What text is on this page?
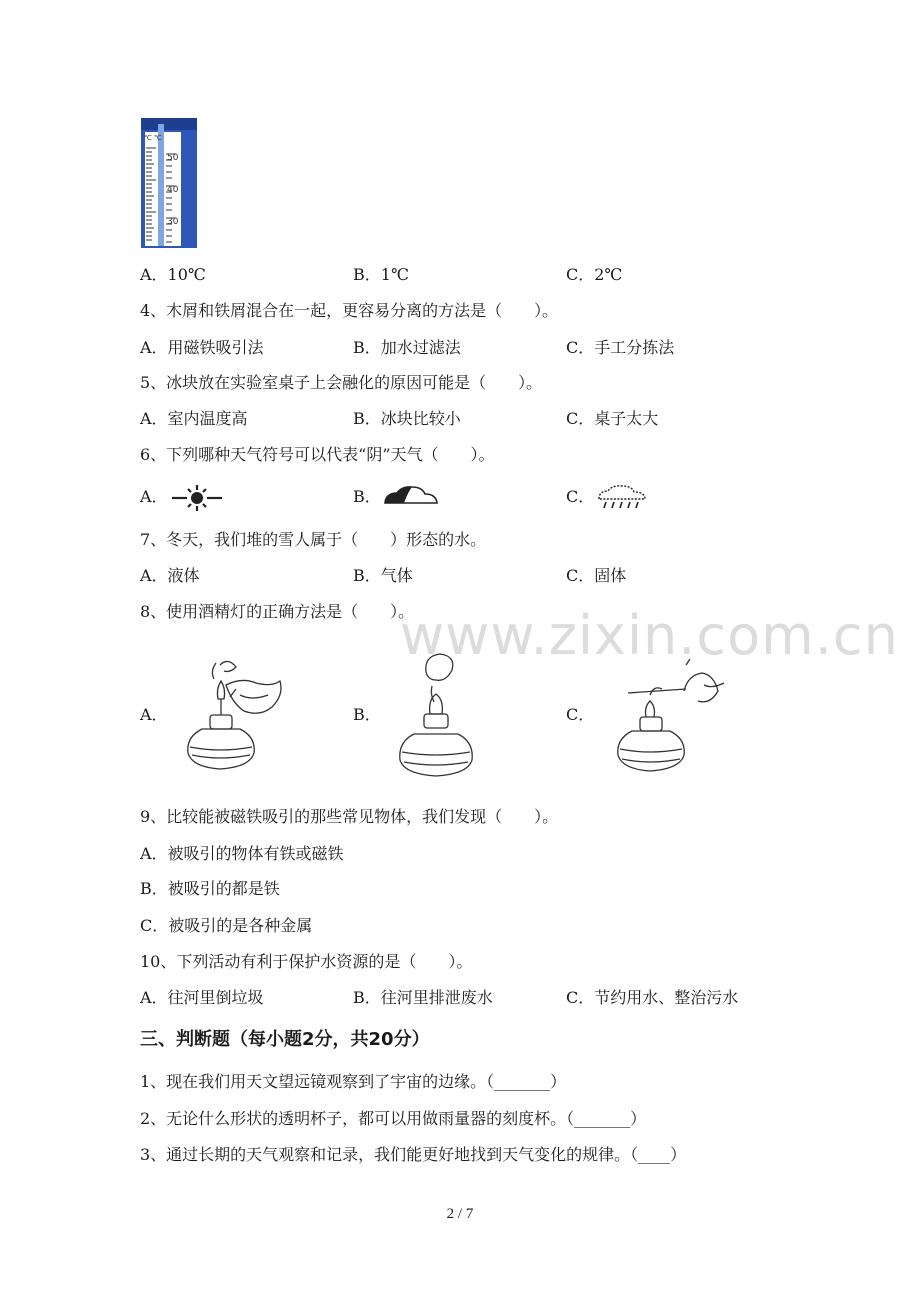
www.zixin.com.cn
℃ ℃
50
40
30
A．10℃	B．1℃	C．2℃
4、木屑和铁屑混合在一起，更容易分离的方法是（　　）。
A．用磁铁吸引法	B．加水过滤法	C．手工分拣法
5、冰块放在实验室桌子上会融化的原因可能是（　　）。
A．室内温度高	B．冰块比较小	C．桌子太大
6、下列哪种天气符号可以代表“阴”天气（　　）。
A．	B．	C．
7、冬天，我们堆的雪人属于（　　）形态的水。
A．液体	B．气体	C．固体
8、使用酒精灯的正确方法是（　　）。
A．	B．	C．
9、比较能被磁铁吸引的那些常见物体，我们发现（　　）。
A．被吸引的物体有铁或磁铁
B．被吸引的都是铁
C．被吸引的是各种金属
10、下列活动有利于保护水资源的是（　　）。
A．往河里倒垃圾	B．往河里排泄废水	C．节约用水、整治污水
三、判断题（每小题2分，共20分）
1、现在我们用天文望远镜观察到了宇宙的边缘。（_______）
2、无论什么形状的透明杯子，都可以用做雨量器的刻度杯。（_______）
3、通过长期的天气观察和记录，我们能更好地找到天气变化的规律。（____）
2 / 7
